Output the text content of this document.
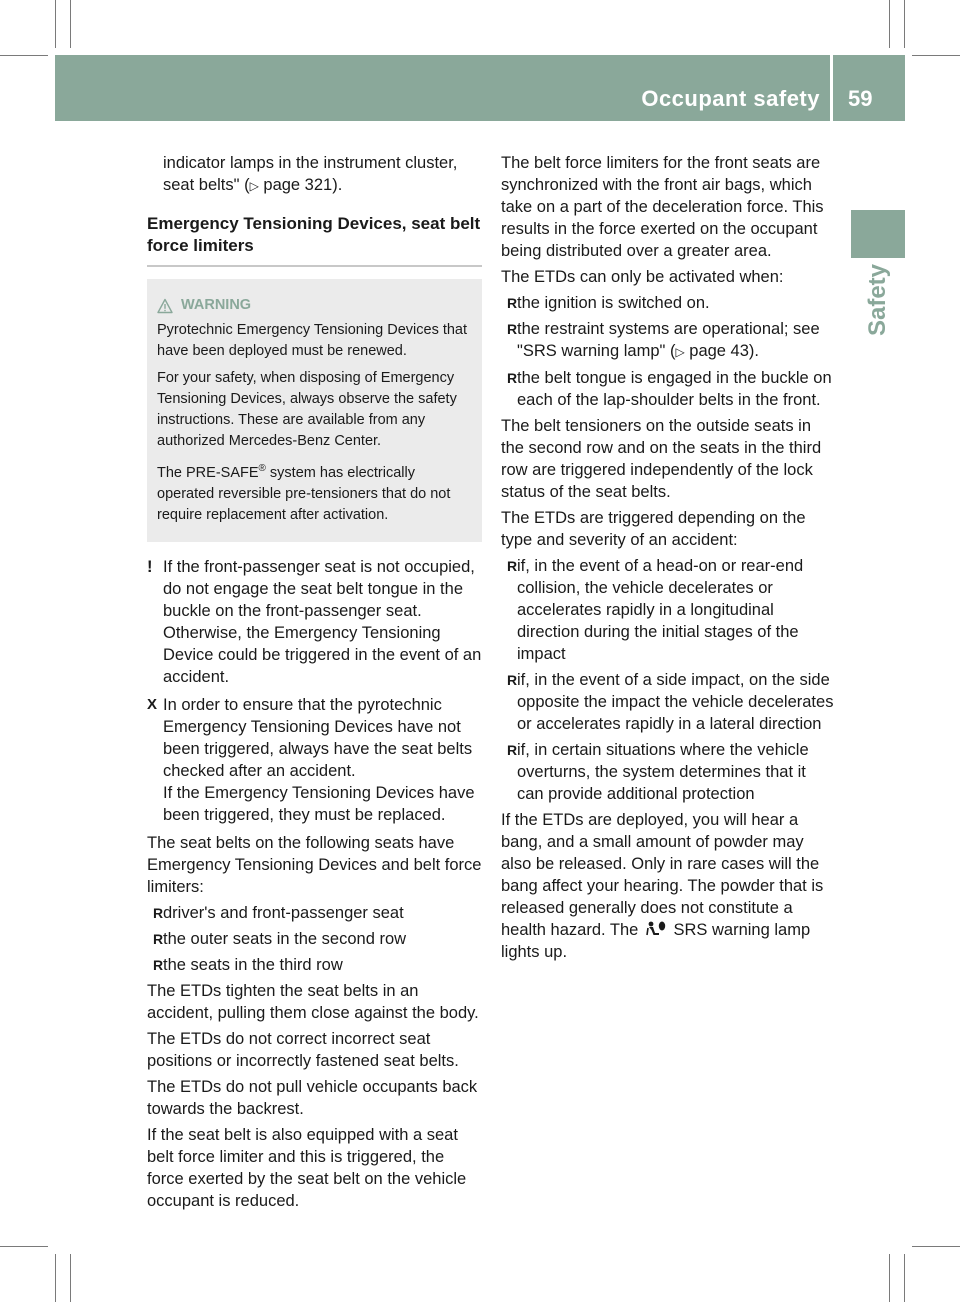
Occupant safety 59
Safety

indicator lamps in the instrument cluster,
seat belts" (▷ page 321).

Emergency Tensioning Devices, seat belt force limiters

WARNING

Pyrotechnic Emergency Tensioning Devices that have been deployed must be renewed.

For your safety, when disposing of Emergency Tensioning Devices, always observe the safety instructions. These are available from any authorized Mercedes-Benz Center.

The PRE-SAFE® system has electrically operated reversible pre-tensioners that do not require replacement after activation.

! If the front-passenger seat is not occupied, do not engage the seat belt tongue in the buckle on the front-passenger seat. Otherwise, the Emergency Tensioning Device could be triggered in the event of an accident.
X In order to ensure that the pyrotechnic Emergency Tensioning Devices have not been triggered, always have the seat belts checked after an accident.
If the Emergency Tensioning Devices have been triggered, they must be replaced.

The seat belts on the following seats have Emergency Tensioning Devices and belt force limiters:

R driver's and front-passenger seat
R the outer seats in the second row
R the seats in the third row

The ETDs tighten the seat belts in an accident, pulling them close against the body.

The ETDs do not correct incorrect seat positions or incorrectly fastened seat belts.

The ETDs do not pull vehicle occupants back towards the backrest.

If the seat belt is also equipped with a seat belt force limiter and this is triggered, the force exerted by the seat belt on the vehicle occupant is reduced.

The belt force limiters for the front seats are synchronized with the front air bags, which take on a part of the deceleration force. This results in the force exerted on the occupant being distributed over a greater area.

The ETDs can only be activated when:

R the ignition is switched on.
R the restraint systems are operational; see "SRS warning lamp" (▷ page 43).
R the belt tongue is engaged in the buckle on each of the lap-shoulder belts in the front.

The belt tensioners on the outside seats in the second row and on the seats in the third row are triggered independently of the lock status of the seat belts.

The ETDs are triggered depending on the type and severity of an accident:

R if, in the event of a head-on or rear-end collision, the vehicle decelerates or accelerates rapidly in a longitudinal direction during the initial stages of the impact
R if, in the event of a side impact, on the side opposite the impact the vehicle decelerates or accelerates rapidly in a lateral direction
R if, in certain situations where the vehicle overturns, the system determines that it can provide additional protection

If the ETDs are deployed, you will hear a bang, and a small amount of powder may also be released. Only in rare cases will the bang affect your hearing. The powder that is released generally does not constitute a health hazard. The SRS warning lamp lights up.
